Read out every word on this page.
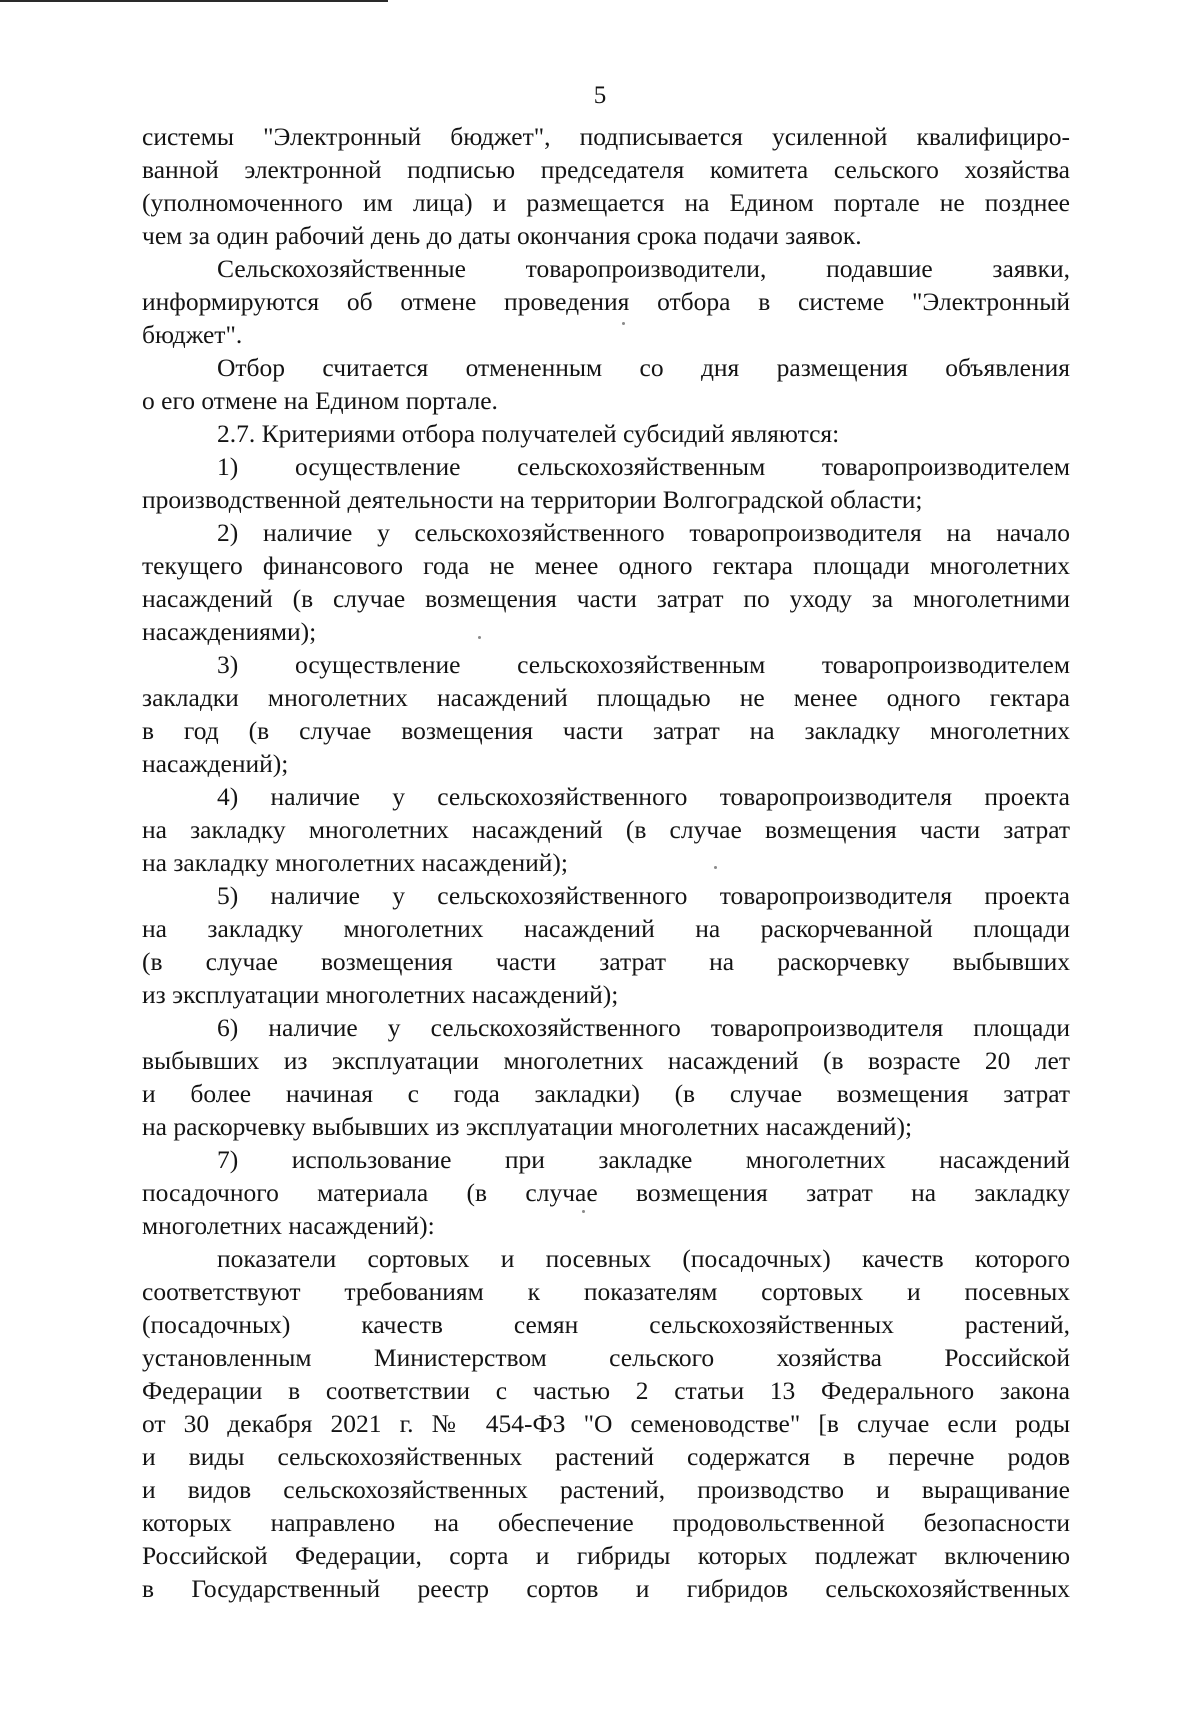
5

системы "Электронный бюджет", подписывается усиленной квалифициро-

ванной электронной подписью председателя комитета сельского хозяйства

(уполномоченного им лица) и размещается на Едином портале не позднее

чем за один рабочий день до даты окончания срока подачи заявок.

Сельскохозяйственные товаропроизводители, подавшие заявки,

информируются об отмене проведения отбора в системе "Электронный

бюджет".

Отбор считается отмененным со дня размещения объявления

о его отмене на Едином портале.

2.7. Критериями отбора получателей субсидий являются:

1) осуществление сельскохозяйственным товаропроизводителем

производственной деятельности на территории Волгоградской области;

2) наличие у сельскохозяйственного товаропроизводителя на начало

текущего финансового года не менее одного гектара площади многолетних

насаждений (в случае возмещения части затрат по уходу за многолетними

насаждениями);

3) осуществление сельскохозяйственным товаропроизводителем

закладки многолетних насаждений площадью не менее одного гектара

в год (в случае возмещения части затрат на закладку многолетних

насаждений);

4) наличие у сельскохозяйственного товаропроизводителя проекта

на закладку многолетних насаждений (в случае возмещения части затрат

на закладку многолетних насаждений);

5) наличие у сельскохозяйственного товаропроизводителя проекта

на закладку многолетних насаждений на раскорчеванной площади

(в случае возмещения части затрат на раскорчевку выбывших

из эксплуатации многолетних насаждений);

6) наличие у сельскохозяйственного товаропроизводителя площади

выбывших из эксплуатации многолетних насаждений (в возрасте 20 лет

и более начиная с года закладки) (в случае возмещения затрат

на раскорчевку выбывших из эксплуатации многолетних насаждений);

7) использование при закладке многолетних насаждений

посадочного материала (в случае возмещения затрат на закладку

многолетних насаждений):

показатели сортовых и посевных (посадочных) качеств которого

соответствуют требованиям к показателям сортовых и посевных

(посадочных) качеств семян сельскохозяйственных растений,

установленным Министерством сельского хозяйства Российской

Федерации в соответствии с частью 2 статьи 13 Федерального закона

от 30 декабря 2021 г. № 454-ФЗ "О семеноводстве" [в случае если роды

и виды сельскохозяйственных растений содержатся в перечне родов

и видов сельскохозяйственных растений, производство и выращивание

которых направлено на обеспечение продовольственной безопасности

Российской Федерации, сорта и гибриды которых подлежат включению

в Государственный реестр сортов и гибридов сельскохозяйственных
